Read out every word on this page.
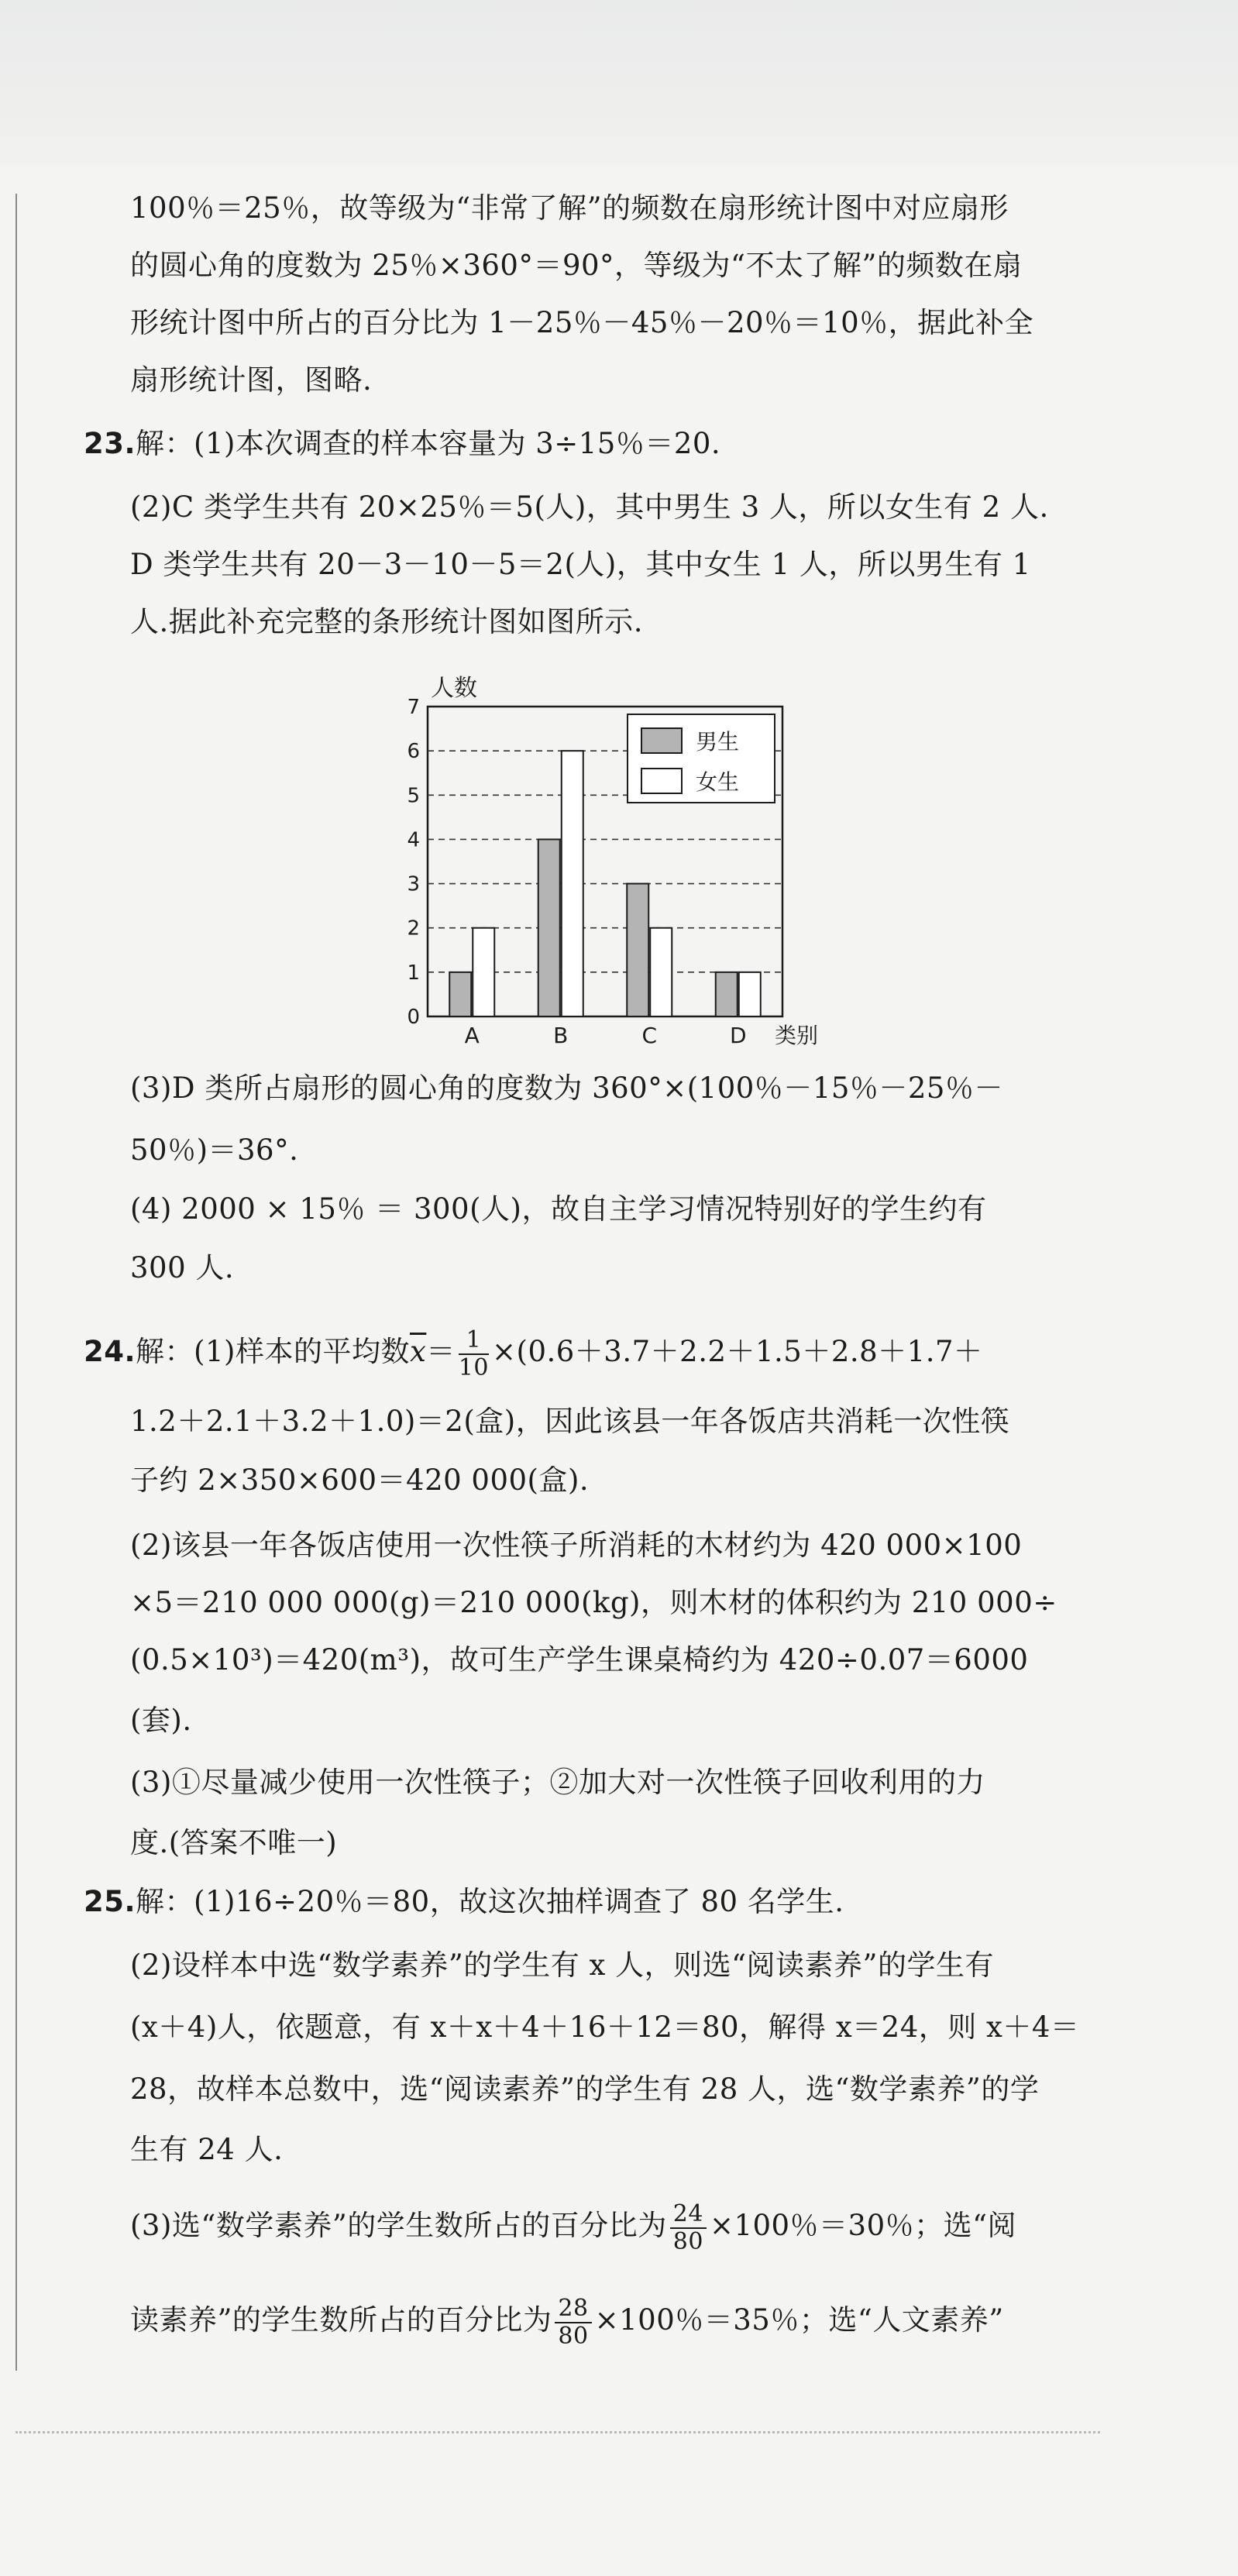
100％＝25％，故等级为“非常了解”的频数在扇形统计图中对应扇形
的圆心角的度数为 25％×360°＝90°，等级为“不太了解”的频数在扇
形统计图中所占的百分比为 1－25％－45％－20％＝10％，据此补全
扇形统计图，图略.
23.解：(1)本次调查的样本容量为 3÷15％＝20.
(2)C 类学生共有 20×25％＝5(人)，其中男生 3 人，所以女生有 2 人.
D 类学生共有 20－3－10－5＝2(人)，其中女生 1 人，所以男生有 1
人.据此补充完整的条形统计图如图所示.
0
1
2
3
4
5
6
7
人数
A	B	C	D 类别
男生
女生
(3)D 类所占扇形的圆心角的度数为 360°×(100％－15％－25％－
50％)＝36°.
(4) 2000 × 15％ ＝ 300(人)，故自主学习情况特别好的学生约有
300 人.
24.解：(1)样本的平均数$\overline{x}= \frac{1}{10} \times(0.6+3.7+2.2+1.5+2.8+1.7+$
1.2＋2.1＋3.2＋1.0)＝2(盒)，因此该县一年各饭店共消耗一次性筷
子约 2×350×600＝420 000(盒).
(2)该县一年各饭店使用一次性筷子所消耗的木材约为 420 000×100
×5＝210 000 000(g)＝210 000(kg)，则木材的体积约为 210 000÷
(0.5×10³)＝420(m³)，故可生产学生课桌椅约为 420÷0.07＝6000
(套).
(3)①尽量减少使用一次性筷子；②加大对一次性筷子回收利用的力
度.(答案不唯一)
25.解：(1)16÷20％＝80，故这次抽样调查了 80 名学生.
(2)设样本中选“数学素养”的学生有 x 人，则选“阅读素养”的学生有
(x＋4)人，依题意，有 x＋x＋4＋16＋12＝80，解得 x＝24，则 x＋4＝
28，故样本总数中，选“阅读素养”的学生有 28 人，选“数学素养”的学
生有 24 人.
(3)选“数学素养”的学生数所占的百分比为 $\frac{24}{80} \times 100$％＝30％；选“阅
读素养”的学生数所占的百分比为 $\frac{28}{80} \times 100$％＝35％；选“人文素养”
